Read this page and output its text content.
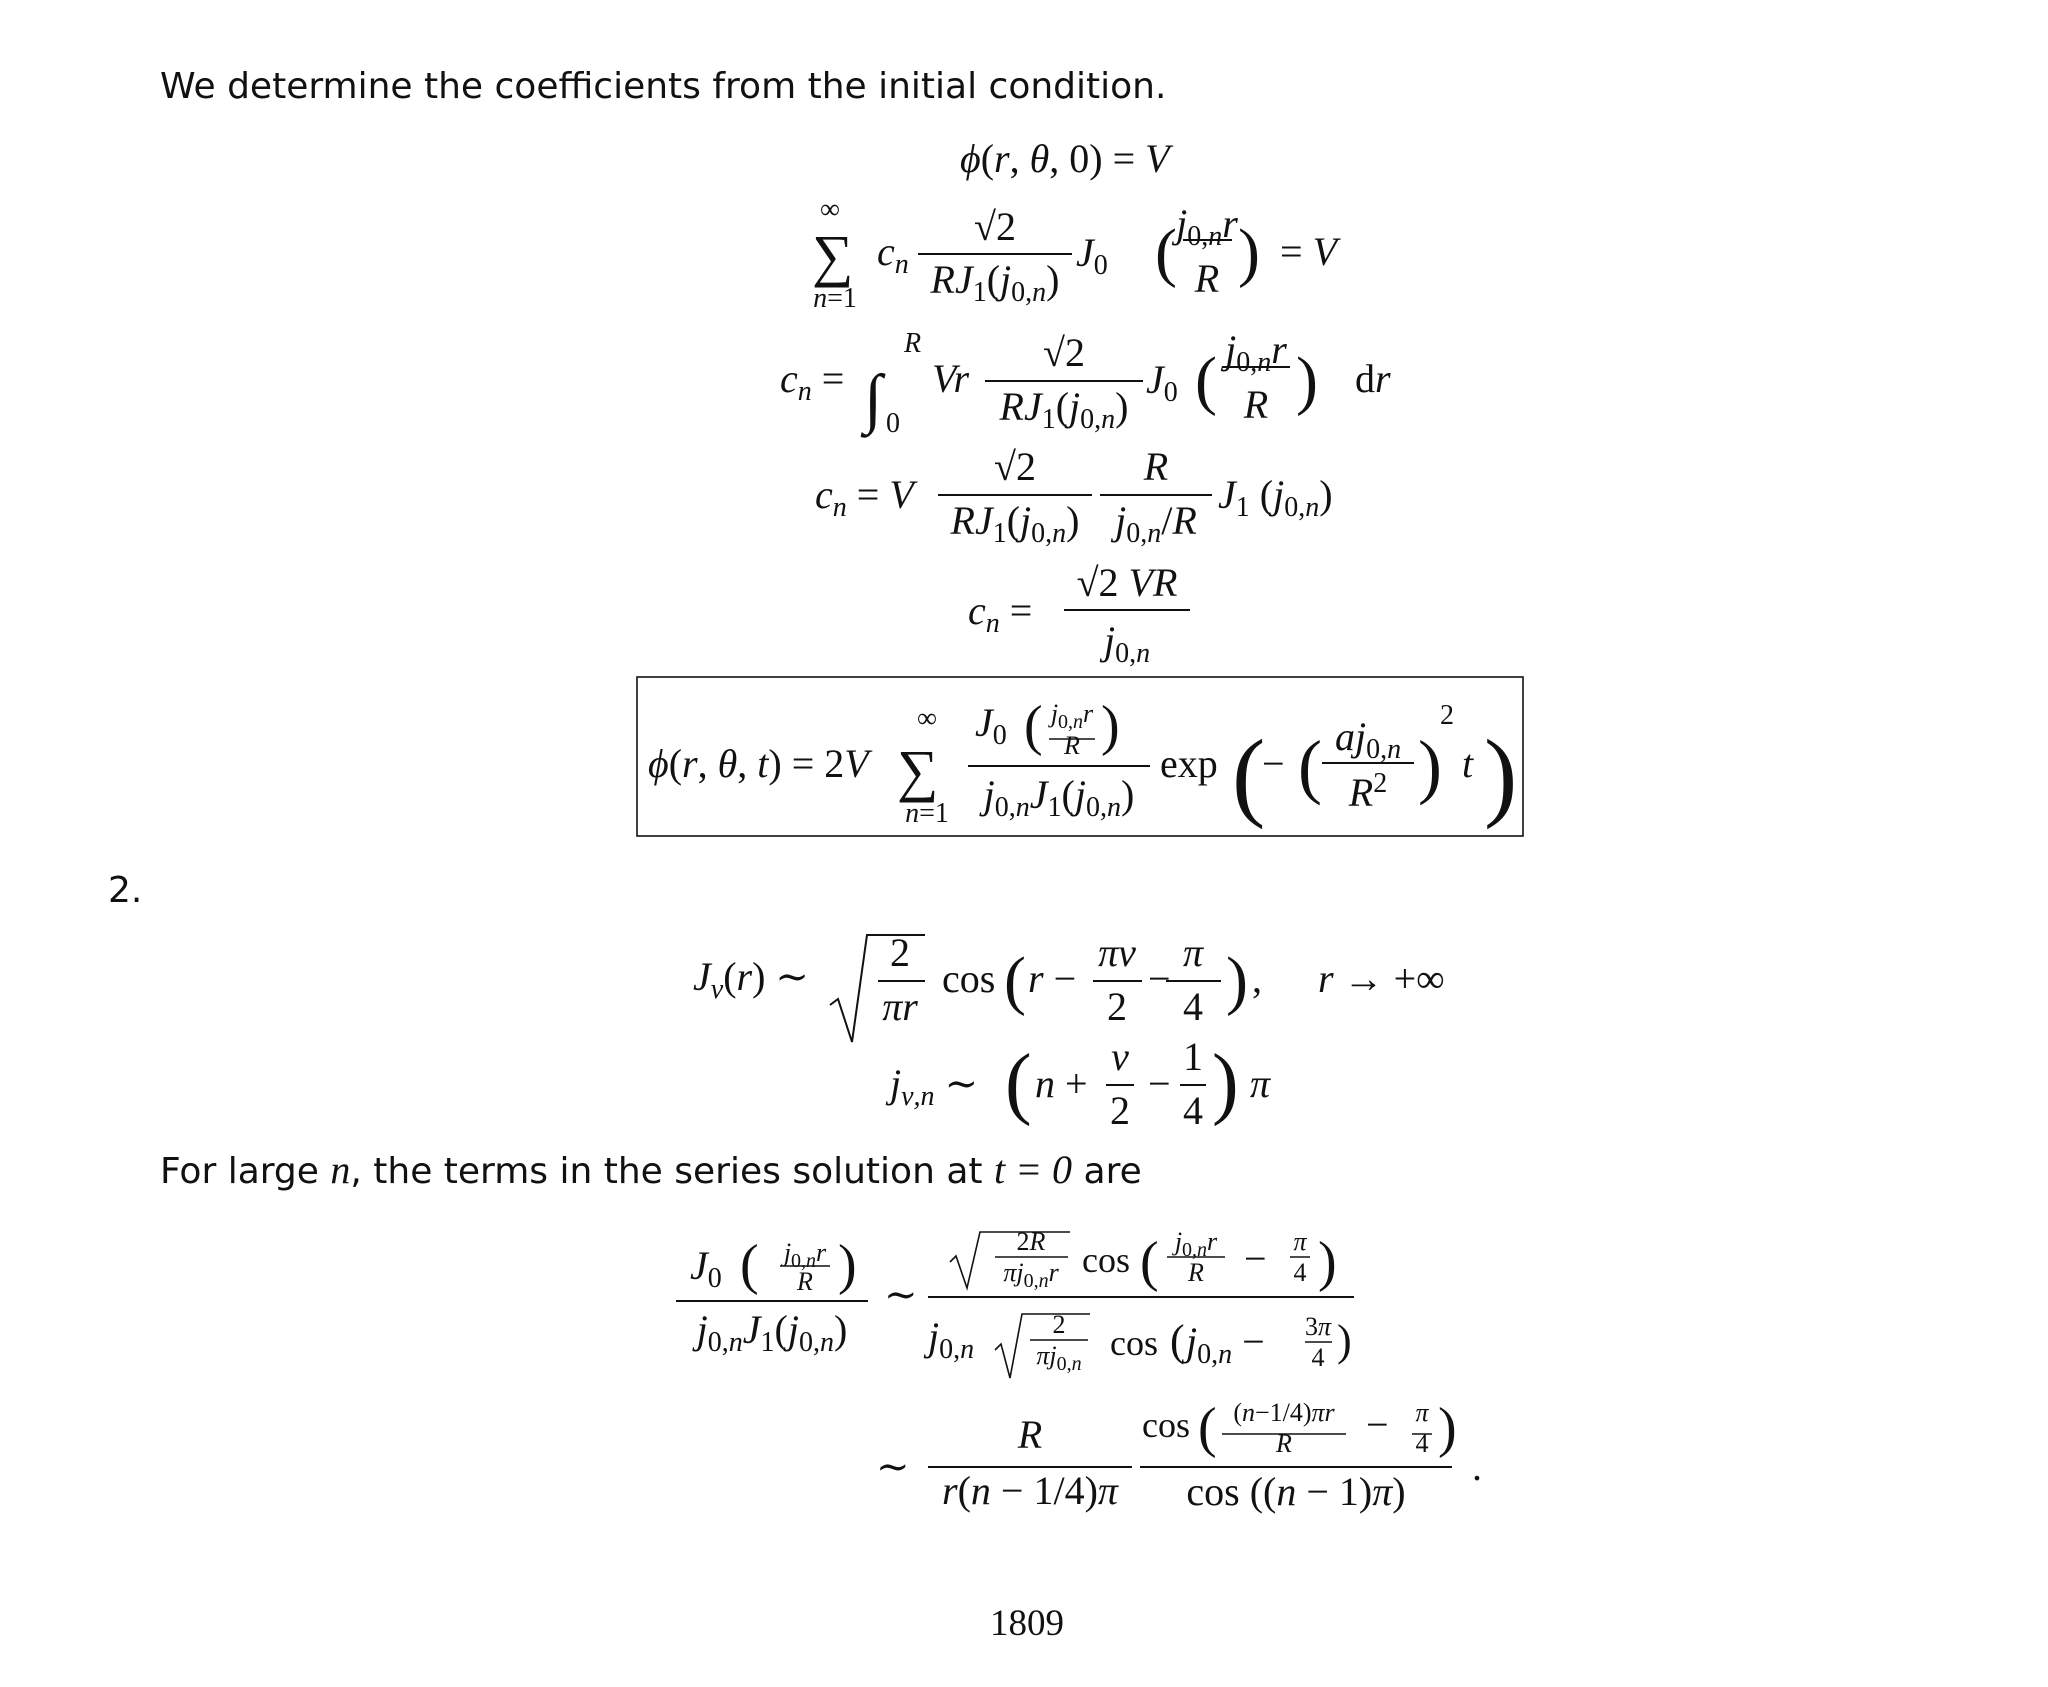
We determine the coefficients from the initial condition.
2.
For large n, the terms in the series solution at t = 0 are
1809
ϕ(r, θ, 0) = V
∞
∑
n=1
$c_n$
√2
$RJ_1(j_{0,n})$
$J_0$ ( $j_{0,}nr$
R ) = V
$c_n$ = ∫
R
0
Vr
√2
$RJ_1(j_{0,n})$
$J_0$ ( $j_{0,}nr$
R ) dr
$c_n = V$
√2
$RJ_1(j_{0,n})$
R
$j_{0,}n/R$
$J_1$ $(j_{0,}n)$
$c_n$ =
√2 VR
$j_{0,}n$
ϕ(r, θ, t) = 2V
∞
∑
n=1
$J_0$ ( $j_{0,}nr$
R )
$j_{0,n}J_1(j_{0,n})$
exp (
− ( $aj_{0,}n$
$R^2$ )
2
t )
$J_\nu(r)$ ∼
2
πr
cos ( r −
πν
2
−
π
4 ) , r → +∞
$j_{\nu,n}$ ∼ ( n +
ν
2
−
1
4 ) π
$J_0$ ( $j_{0,}nr$
R )
$j_{0,n}J_1(j_{0,n})$
∼
2R
$\pi j_{0,}nr$ cos ( $j_{0,}nr$
R − π
4 )
$j_{0,}n$
2
$\pi j_{0,}n$
cos ( $j_{0,}n - 3\pi$
4 )
∼
R
r(n − 1/4)π
cos ( (n−1/4)πr
R − π
4 )
cos ((n − 1)π)
.
